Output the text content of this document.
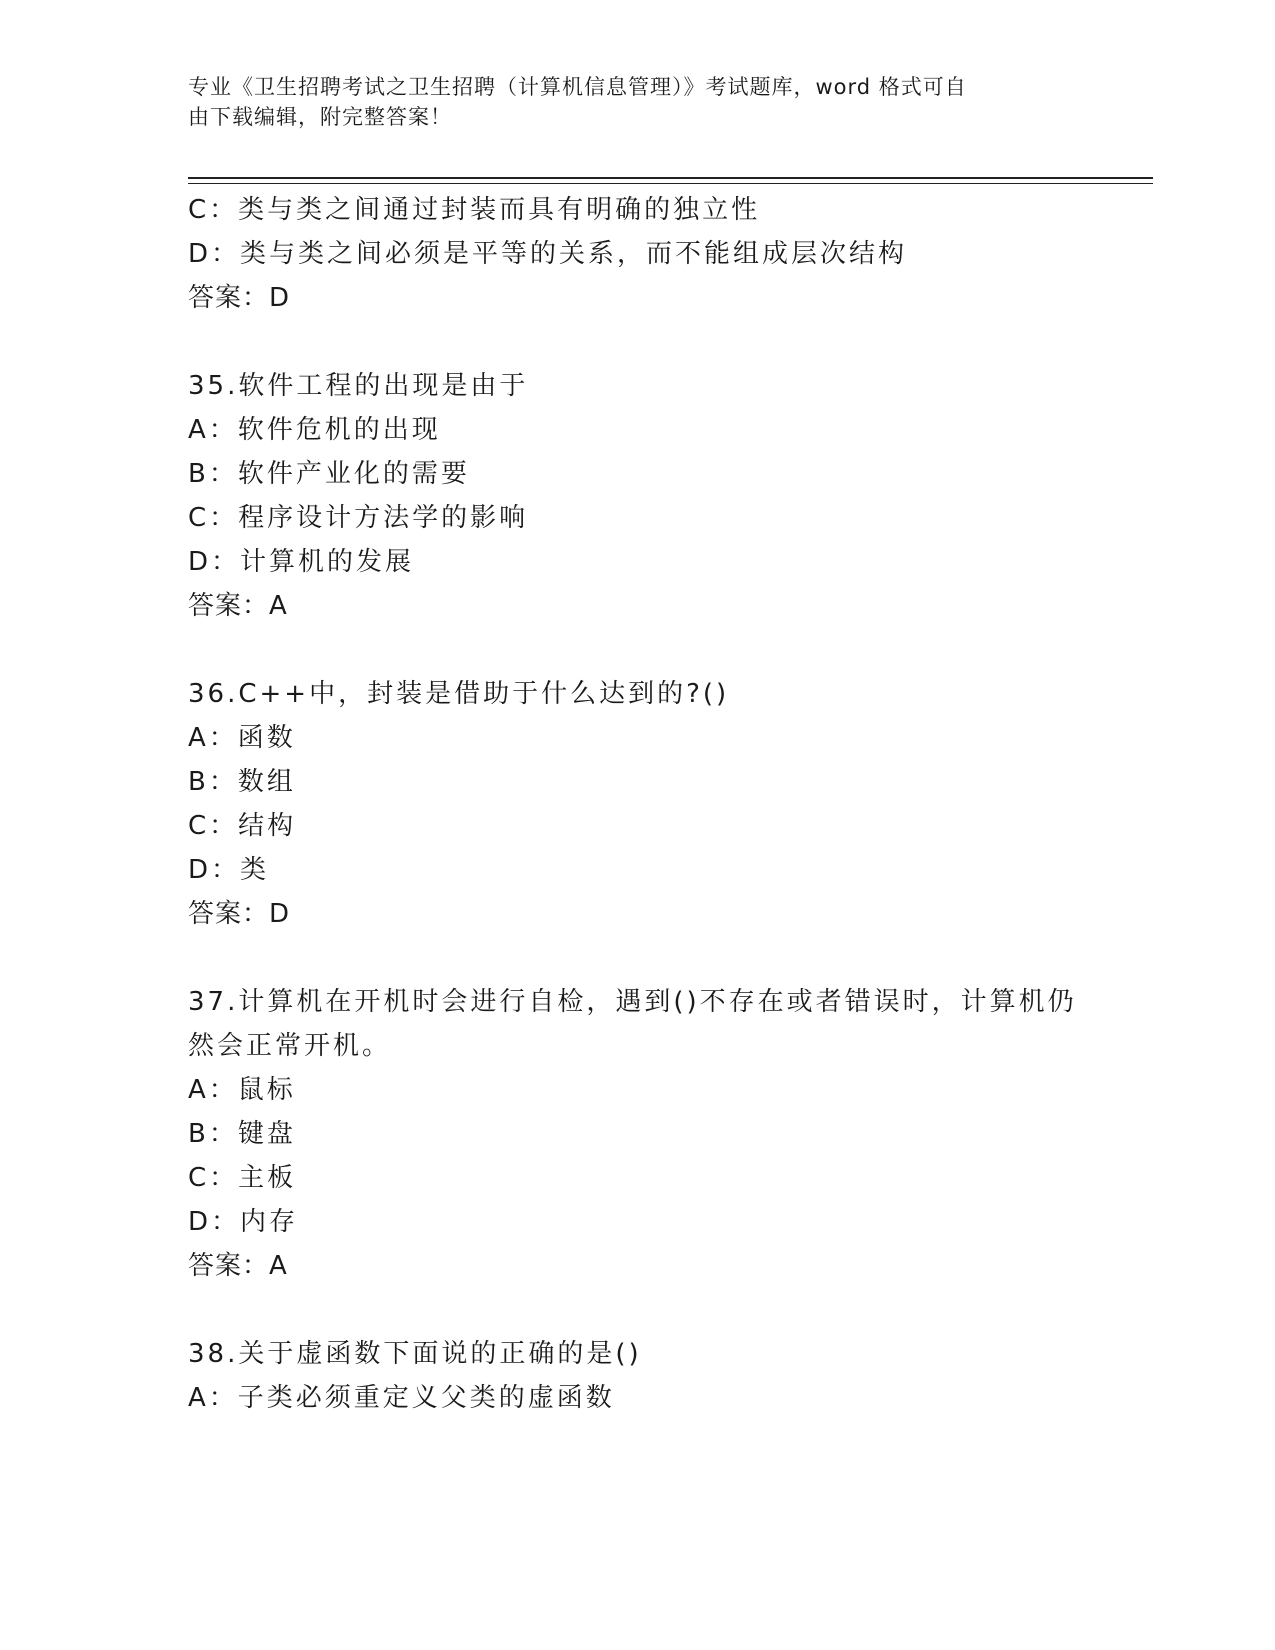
专业《卫生招聘考试之卫生招聘（计算机信息管理）》考试题库，word 格式可自
由下载编辑，附完整答案！
C：类与类之间通过封装而具有明确的独立性
D：类与类之间必须是平等的关系，而不能组成层次结构
答案：D
35.软件工程的出现是由于
A：软件危机的出现
B：软件产业化的需要
C：程序设计方法学的影响
D：计算机的发展
答案：A
36.C++中，封装是借助于什么达到的?()
A：函数
B：数组
C：结构
D：类
答案：D
37.计算机在开机时会进行自检，遇到()不存在或者错误时，计算机仍
然会正常开机。
A：鼠标
B：键盘
C：主板
D：内存
答案：A
38.关于虚函数下面说的正确的是()
A：子类必须重定义父类的虚函数
